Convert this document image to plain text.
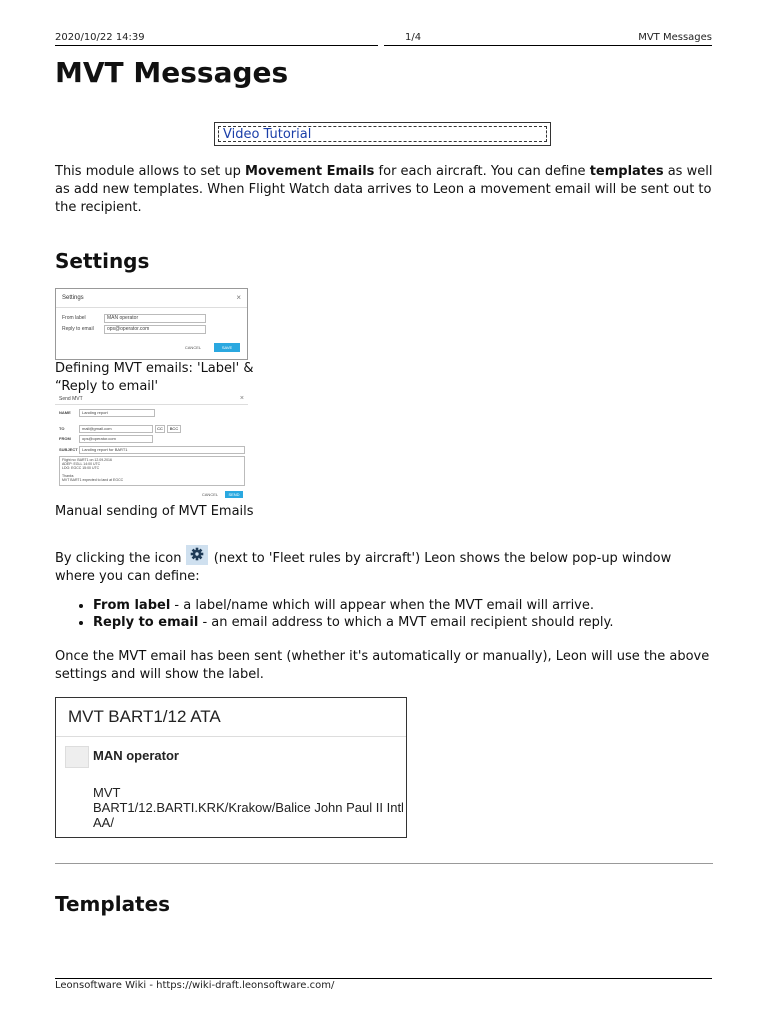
2020/10/22 14:39	1/4	MVT Messages
MVT Messages
Video Tutorial

This module allows to set up Movement Emails for each aircraft. You can define templates as well as add new templates. When Flight Watch data arrives to Leon a movement email will be sent out to the recipient.

Settings
Settings	×
From label	MAN operator
Reply to email	ops@operator.com
CANCEL	SAVE
Defining MVT emails: 'Label' & “Reply to email'
Send MVT	×
NAME	Landing report
TO	mail@gmail.com	CC	BCC
FROM	ops@operator.com
SUBJECT Landing report for BART1
Flight no: BART1 on 12.09.2016
ADEP: EGLL 14:00 UTC
LDG: EGCC 15:00 UTC

Thanks
MVT BART1 expected to land at EGCC
CANCEL	SEND
Manual sending of MVT Emails

By clicking the icon  (next to 'Fleet rules by aircraft') Leon shows the below pop-up window where you can define:

• From label - a label/name which will appear when the MVT email will arrive.
• Reply to email - an email address to which a MVT email recipient should reply.

Once the MVT email has been sent (whether it's automatically or manually), Leon will use the above settings and will show the label.

MVT BART1/12 ATA
MAN operator
MVT
BART1/12.BARTI.KRK/Krakow/Balice John Paul II Intl
AA/
Templates
Leonsoftware Wiki - https://wiki-draft.leonsoftware.com/
